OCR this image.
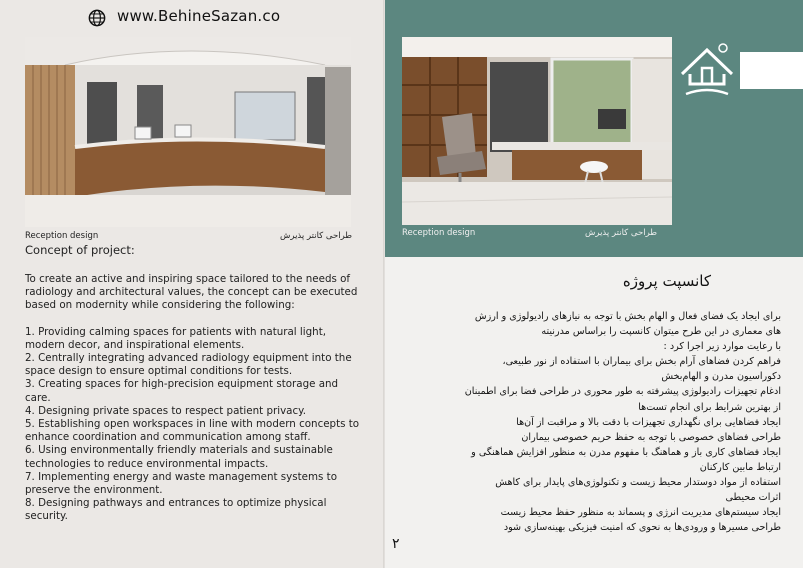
www.BehineSazan.co
Reception design	طراحی کانتر پذیرش
Concept of project:

To create an active and inspiring space tailored to the needs of radiology and architectural values, the concept can be executed based on modernity while considering the following:

1. Providing calming spaces for patients with natural light, modern decor, and inspirational elements.

2. Centrally integrating advanced radiology equipment into the space design to ensure optimal conditions for tests.

3. Creating spaces for high-precision equipment storage and care.

4. Designing private spaces to respect patient privacy.

5. Establishing open workspaces in line with modern concepts to enhance coordination and communication among staff.

6. Using environmentally friendly materials and sustainable technologies to reduce environmental impacts.

7. Implementing energy and waste management systems to preserve the environment.

8. Designing pathways and entrances to optimize physical security.

Reception design	طراحی کانتر پذیرش
کانسپت پروژه

برای ایجاد یک فضای فعال و الهام بخش با توجه به نیازهای رادیولوژی و ارزش

های معماری در این طرح میتوان کانسپت را براساس مدرنیته

با رعایت موارد زیر اجرا کرد :

فراهم کردن فضاهای آرام بخش برای بیماران با استفاده از نور طبیعی،

دکوراسیون مدرن و الهام‌بخش

ادغام تجهیزات رادیولوژی پیشرفته به طور محوری در طراحی فضا برای اطمینان

از بهترین شرایط برای انجام تست‌ها

ایجاد فضاهایی برای نگهداری تجهیزات با دقت بالا و مراقبت از آن‌ها

طراحی فضاهای خصوصی با توجه به حفظ حریم خصوصی بیماران

ایجاد فضاهای کاری باز و هماهنگ با مفهوم مدرن به منظور افزایش هماهنگی و

ارتباط مابین کارکنان

استفاده از مواد دوستدار محیط زیست و تکنولوژی‌های پایدار برای کاهش

اثرات محیطی

ایجاد سیستم‌های مدیریت انرژی و پسماند به منظور حفظ محیط زیست

طراحی مسیرها و ورودی‌ها به نحوی که امنیت فیزیکی بهینه‌سازی شود

۲
